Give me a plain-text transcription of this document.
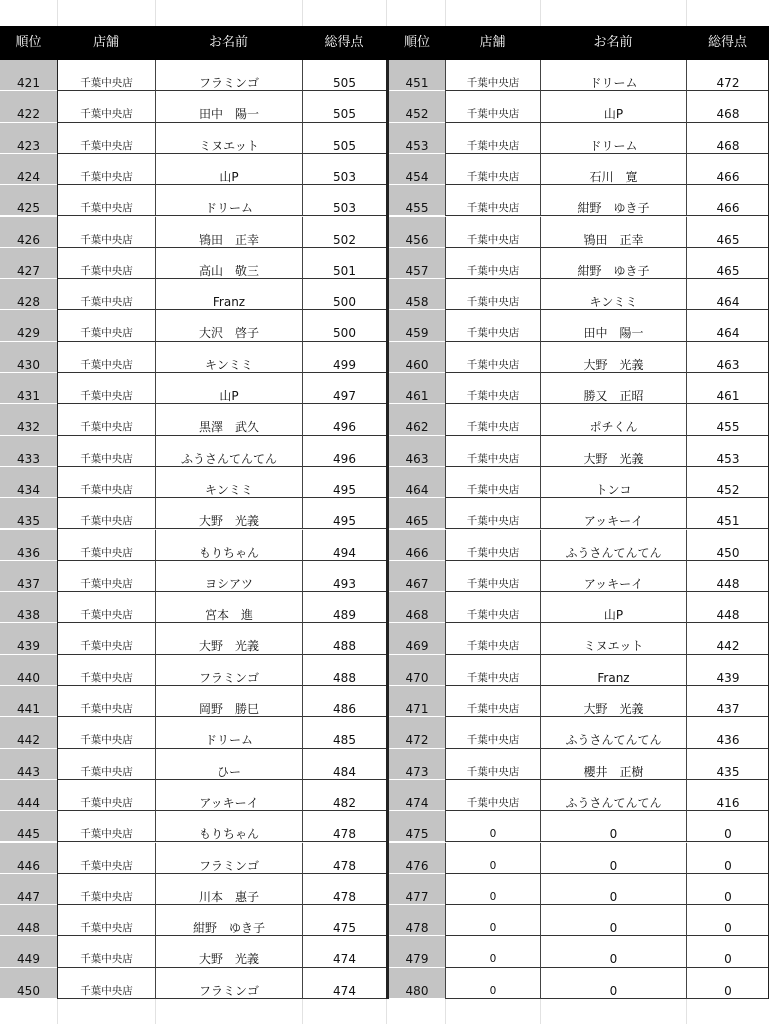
順位	店舗	お名前	総得点	順位	店舗	お名前	総得点
421	千葉中央店	フラミンゴ	505	451	千葉中央店	ドリーム	472
422	千葉中央店	田中　陽一	505	452	千葉中央店	山P	468
423	千葉中央店	ミヌエット	505	453	千葉中央店	ドリーム	468
424	千葉中央店	山P	503	454	千葉中央店	石川　寛	466
425	千葉中央店	ドリーム	503	455	千葉中央店	紺野　ゆき子	466
426	千葉中央店	鴇田　正幸	502	456	千葉中央店	鴇田　正幸	465
427	千葉中央店	高山　敬三	501	457	千葉中央店	紺野　ゆき子	465
428	千葉中央店	Franz	500	458	千葉中央店	キンミミ	464
429	千葉中央店	大沢　啓子	500	459	千葉中央店	田中　陽一	464
430	千葉中央店	キンミミ	499	460	千葉中央店	大野　光義	463
431	千葉中央店	山P	497	461	千葉中央店	勝又　正昭	461
432	千葉中央店	黒澤　武久	496	462	千葉中央店	ポチくん	455
433	千葉中央店	ふうさんてんてん	496	463	千葉中央店	大野　光義	453
434	千葉中央店	キンミミ	495	464	千葉中央店	トンコ	452
435	千葉中央店	大野　光義	495	465	千葉中央店	アッキーイ	451
436	千葉中央店	もりちゃん	494	466	千葉中央店	ふうさんてんてん	450
437	千葉中央店	ヨシアツ	493	467	千葉中央店	アッキーイ	448
438	千葉中央店	宮本　進	489	468	千葉中央店	山P	448
439	千葉中央店	大野　光義	488	469	千葉中央店	ミヌエット	442
440	千葉中央店	フラミンゴ	488	470	千葉中央店	Franz	439
441	千葉中央店	岡野　勝巳	486	471	千葉中央店	大野　光義	437
442	千葉中央店	ドリーム	485	472	千葉中央店	ふうさんてんてん	436
443	千葉中央店	ひー	484	473	千葉中央店	櫻井　正樹	435
444	千葉中央店	アッキーイ	482	474	千葉中央店	ふうさんてんてん	416
445	千葉中央店	もりちゃん	478	475	0	0	0
446	千葉中央店	フラミンゴ	478	476	0	0	0
447	千葉中央店	川本　惠子	478	477	0	0	0
448	千葉中央店	紺野　ゆき子	475	478	0	0	0
449	千葉中央店	大野　光義	474	479	0	0	0
450	千葉中央店	フラミンゴ	474	480	0	0	0
